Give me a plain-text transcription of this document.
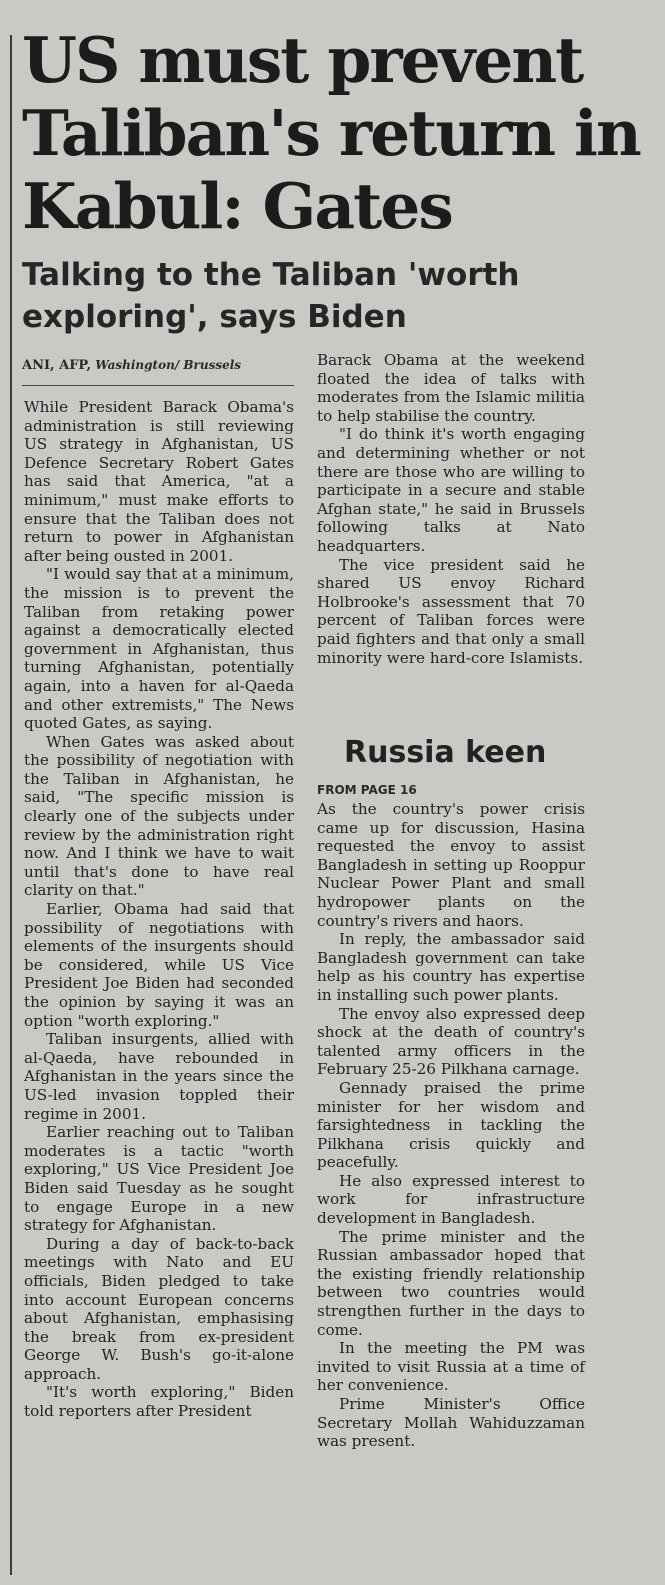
US must prevent Taliban's return in Kabul: Gates
Talking to the Taliban 'worth exploring', says Biden
ANI, AFP, Washington/ Brussels

While President Barack Obama's administration is still reviewing US strategy in Afghanistan, US Defence Secretary Robert Gates has said that America, "at a minimum," must make efforts to ensure that the Taliban does not return to power in Afghanistan after being ousted in 2001.

"I would say that at a minimum, the mission is to prevent the Taliban from retaking power against a democratically elected government in Afghanistan, thus turning Afghanistan, potentially again, into a haven for al-Qaeda and other extremists," The News quoted Gates, as saying.

When Gates was asked about the possibility of negotiation with the Taliban in Afghanistan, he said, "The specific mission is clearly one of the subjects under review by the administration right now. And I think we have to wait until that's done to have real clarity on that."

Earlier, Obama had said that possibility of negotiations with elements of the insurgents should be considered, while US Vice President Joe Biden had seconded the opinion by saying it was an option "worth exploring."

Taliban insurgents, allied with al-Qaeda, have rebounded in Afghanistan in the years since the US-led invasion toppled their regime in 2001.

Earlier reaching out to Taliban moderates is a tactic "worth exploring," US Vice President Joe Biden said Tuesday as he sought to engage Europe in a new strategy for Afghanistan.

During a day of back-to-back meetings with Nato and EU officials, Biden pledged to take into account European concerns about Afghanistan, emphasising the break from ex-president George W. Bush's go-it-alone approach.

"It's worth exploring," Biden told reporters after President

Barack Obama at the weekend floated the idea of talks with moderates from the Islamic militia to help stabilise the country.

"I do think it's worth engaging and determining whether or not there are those who are willing to participate in a secure and stable Afghan state," he said in Brussels following talks at Nato headquarters.

The vice president said he shared US envoy Richard Holbrooke's assessment that 70 percent of Taliban forces were paid fighters and that only a small minority were hard-core Islamists.

Russia keen
FROM PAGE 16

As the country's power crisis came up for discussion, Hasina requested the envoy to assist Bangladesh in setting up Rooppur Nuclear Power Plant and small hydropower plants on the country's rivers and haors.

In reply, the ambassador said Bangladesh government can take help as his country has expertise in installing such power plants.

The envoy also expressed deep shock at the death of country's talented army officers in the February 25-26 Pilkhana carnage.

Gennady praised the prime minister for her wisdom and farsightedness in tackling the Pilkhana crisis quickly and peacefully.

He also expressed interest to work for infrastructure development in Bangladesh.

The prime minister and the Russian ambassador hoped that the existing friendly relationship between two countries would strengthen further in the days to come.

In the meeting the PM was invited to visit Russia at a time of her convenience.

Prime Minister's Office Secretary Mollah Wahiduzzaman was present.
